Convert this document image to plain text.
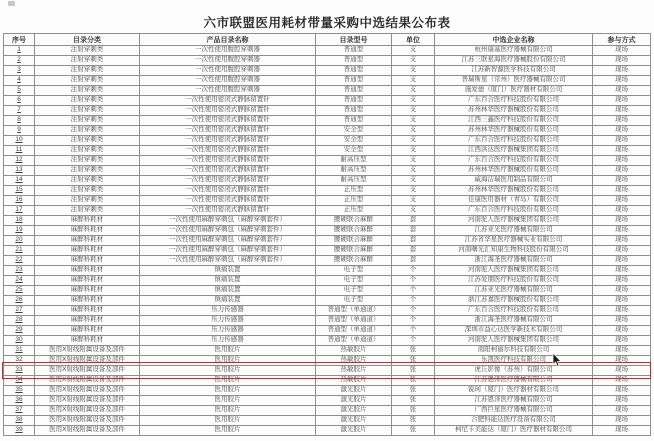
六市联盟医用耗材带量采购中选结果公布表
序号	目录分类	产品目录名称	目录型号	单位	中选企业名称	参与方式
1	注射穿刺类	一次性使用腹腔穿刺器	普通型	支	杭州康基医疗器械有限公司	现场
2	注射穿刺类	一次性使用腹腔穿刺器	普通型	支	江苏三联星海医疗器械股份有限公司	现场
3	注射穿刺类	一次性使用腹腔穿刺器	普通型	支	江苏新智源医学科技有限公司	现场
4	注射穿刺类	一次性使用腹腔穿刺器	普通型	支	普瑞斯星（常州）医疗器械有限公司	现场
5	注射穿刺类	一次性使用腹腔穿刺器	普通型	支	施爱德（厦门）医疗器材有限公司	现场
6	注射穿刺类	一次性使用密闭式静脉留置针	普通型	支	广东百合医疗科技股份有限公司	现场
7	注射穿刺类	一次性使用密闭式静脉留置针	普通型	支	苏州林华医疗器械股份有限公司	现场
8	注射穿刺类	一次性使用密闭式静脉留置针	普通型	支	江西三鑫医疗科技股份有限公司	现场
9	注射穿刺类	一次性使用密闭式静脉留置针	安全型	支	苏州林华医疗器械股份有限公司	现场
10	注射穿刺类	一次性使用密闭式静脉留置针	安全型	支	广东百合医疗科技股份有限公司	现场
11	注射穿刺类	一次性使用密闭式静脉留置针	安全型	支	江西洪达医疗器械集团有限公司	现场
12	注射穿刺类	一次性使用密闭式静脉留置针	耐高压型	支	广东百合医疗科技股份有限公司	现场
13	注射穿刺类	一次性使用密闭式静脉留置针	耐高压型	支	苏州林华医疗器械股份有限公司	现场
14	注射穿刺类	一次性使用密闭式静脉留置针	耐高压型	支	威海洁瑞医用制品有限公司	现场
15	注射穿刺类	一次性使用密闭式静脉留置针	正压型	支	苏州林华医疗器械股份有限公司	现场
16	注射穿刺类	一次性使用密闭式静脉留置针	正压型	支	佳康医用器材（青岛）有限公司	现场
17	注射穿刺类	一次性使用密闭式静脉留置针	正压型	支	广东百合医疗科技股份有限公司	现场
18	麻醉科耗材	一次性使用麻醉穿刺包（麻醉穿刺套件）	腰硬联合麻醉	套	河南驼人医疗器械集团有限公司	现场
19	麻醉科耗材	一次性使用麻醉穿刺包（麻醉穿刺套件）	腰硬联合麻醉	套	江苏亚光医疗器械有限公司	现场
20	麻醉科耗材	一次性使用麻醉穿刺包（麻醉穿刺套件）	腰硬联合麻醉	套	江苏省华星医疗器械实业有限公司	现场
21	麻醉科耗材	一次性使用麻醉穿刺包（麻醉穿刺套件）	腰硬联合麻醉	套	河南曙光汇知康生物科技股份有限公司	现场
22	麻醉科耗材	一次性使用麻醉穿刺包（麻醉穿刺套件）	腰硬联合麻醉	套	浙江海圣医疗器械有限公司	现场
23	麻醉科耗材	镇痛装置	电子型	个	河南驼人医疗器械集团有限公司	现场
24	麻醉科耗材	镇痛装置	电子型	个	江苏爱朋医疗科技股份有限公司	现场
25	麻醉科耗材	镇痛装置	电子型	个	江苏亚光医疗器械有限公司	现场
26	麻醉科耗材	镇痛装置	电子型	个	浙江苏嘉医疗器械股份有限公司	现场
27	麻醉科耗材	压力传感器	普通型（单通道）	个	广东百合医疗科技股份有限公司	现场
28	麻醉科耗材	压力传感器	普通型（单通道）	个	浙江海圣医疗器械有限公司	现场
29	麻醉科耗材	压力传感器	普通型（单通道）	个	深圳市益心达医学新技术有限公司	现场
30	麻醉科耗材	压力传感器	普通型（单通道）	个	河南驼人医疗器械集团有限公司	现场
31	医用X射线附属设备及部件	医用胶片	热敏胶片	张	南阳柯丽尔科技有限公司	现场
32	医用X射线附属设备及部件	医用胶片	热敏胶片	张	乐凯医疗科技有限公司	现场
33	医用X射线附属设备及部件	医用胶片	热敏胶片	张	虎丘影像（苏州）有限公司	现场
34	医用X射线附属设备及部件	医用胶片	热敏胶片	张	江苏恩泽医疗器械有限公司	现场
35	医用X射线附属设备及部件	医用胶片	激光胶片	张	锐珂（厦门）医疗器材有限公司	现场
36	医用X射线附属设备及部件	医用胶片	激光胶片	张	江苏恩泽医疗器械有限公司	现场
37	医用X射线附属设备及部件	医用胶片	激光胶片	张	广西巨星医疗器械有限公司	现场
38	医用X射线附属设备及部件	医用胶片	激光胶片	张	合肥科能达医疗设备有限公司	现场
39	医用X射线附属设备及部件	医用胶片	激光胶片	张	柯尼卡美能达（厦门）医疗器材有限公司	现场
